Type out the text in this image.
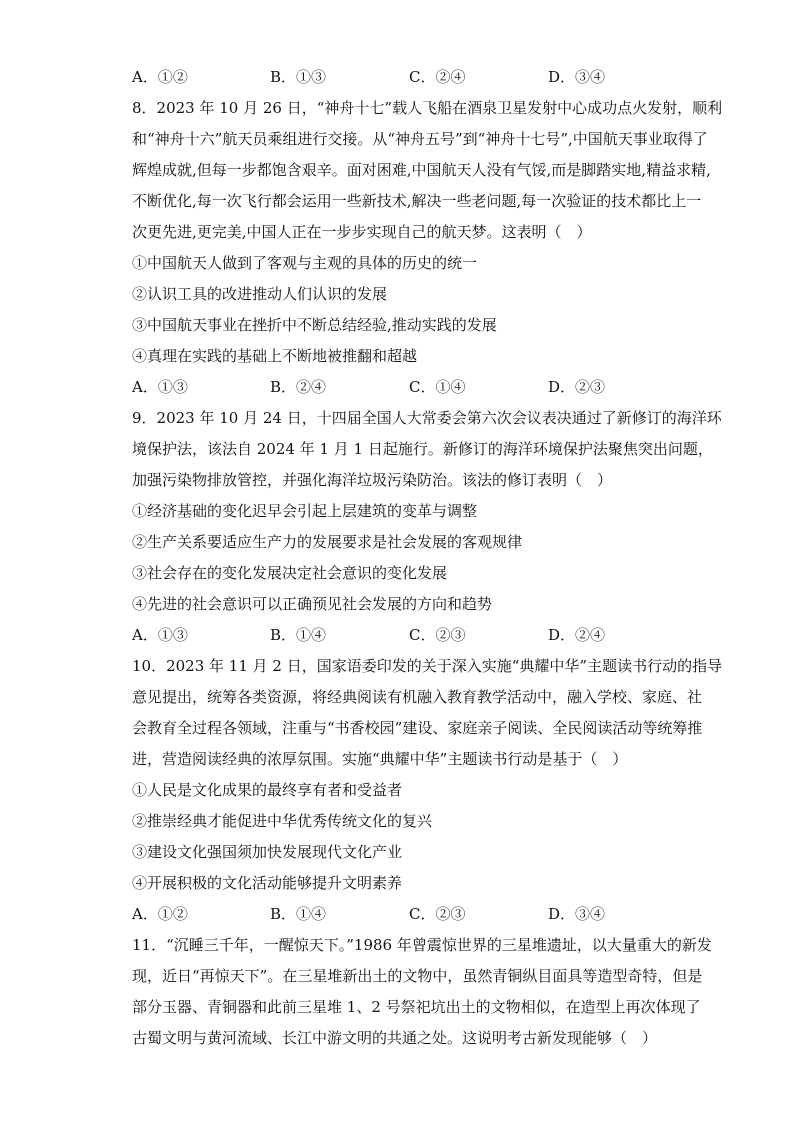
A．①②	B．①③	C．②④	D．③④
8．2023 年 10 月 26 日，“神舟十七”载人飞船在酒泉卫星发射中心成功点火发射，顺利
和“神舟十六”航天员乘组进行交接。从“神舟五号”到“神舟十七号”,中国航天事业取得了
辉煌成就,但每一步都饱含艰辛。面对困难,中国航天人没有气馁,而是脚踏实地,精益求精,
不断优化,每一次飞行都会运用一些新技术,解决一些老问题,每一次验证的技术都比上一
次更先进,更完美,中国人正在一步步实现自己的航天梦。这表明（　）
①中国航天人做到了客观与主观的具体的历史的统一
②认识工具的改进推动人们认识的发展
③中国航天事业在挫折中不断总结经验,推动实践的发展
④真理在实践的基础上不断地被推翻和超越
A．①③	B．②④	C．①④	D．②③
9．2023 年 10 月 24 日，十四届全国人大常委会第六次会议表决通过了新修订的海洋环
境保护法，该法自 2024 年 1 月 1 日起施行。新修订的海洋环境保护法聚焦突出问题，
加强污染物排放管控，并强化海洋垃圾污染防治。该法的修订表明（　）
①经济基础的变化迟早会引起上层建筑的变革与调整
②生产关系要适应生产力的发展要求是社会发展的客观规律
③社会存在的变化发展决定社会意识的变化发展
④先进的社会意识可以正确预见社会发展的方向和趋势
A．①③	B．①④	C．②③	D．②④
10．2023 年 11 月 2 日，国家语委印发的关于深入实施“典耀中华”主题读书行动的指导
意见提出，统筹各类资源，将经典阅读有机融入教育教学活动中，融入学校、家庭、社
会教育全过程各领域，注重与“书香校园”建设、家庭亲子阅读、全民阅读活动等统筹推
进，营造阅读经典的浓厚氛围。实施“典耀中华”主题读书行动是基于（　）
①人民是文化成果的最终享有者和受益者
②推崇经典才能促进中华优秀传统文化的复兴
③建设文化强国须加快发展现代文化产业
④开展积极的文化活动能够提升文明素养
A．①②	B．①④	C．②③	D．③④
11．“沉睡三千年，一醒惊天下。”1986 年曾震惊世界的三星堆遗址，以大量重大的新发
现，近日“再惊天下”。在三星堆新出土的文物中，虽然青铜纵目面具等造型奇特，但是
部分玉器、青铜器和此前三星堆 1、2 号祭祀坑出土的文物相似，在造型上再次体现了
古蜀文明与黄河流域、长江中游文明的共通之处。这说明考古新发现能够（　）
